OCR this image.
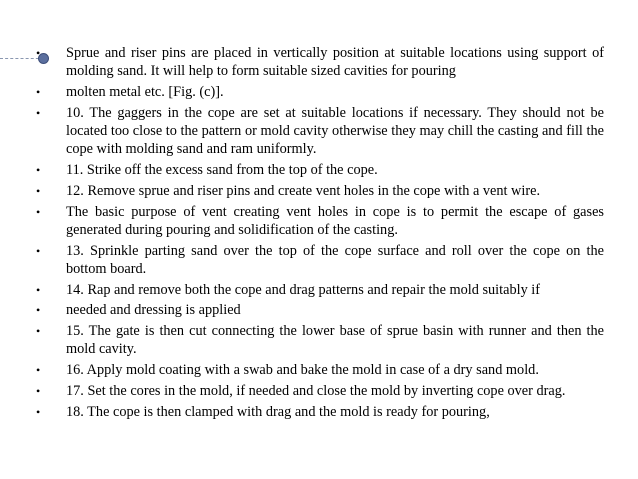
•	Sprue and riser pins are placed in vertically position at suitable locations using support of molding sand. It will help to form suitable sized cavities for pouring
•	molten metal etc. [Fig. (c)].
•	10. The gaggers in the cope are set at suitable locations if necessary. They should not be located too close to the pattern or mold cavity otherwise they may chill the casting and fill the cope with molding sand and ram uniformly.
•	11. Strike off the excess sand from the top of the cope.
•	12. Remove sprue and riser pins and create vent holes in the cope with a vent wire.
•	The basic purpose of vent creating vent holes in cope is to permit the escape of gases generated during pouring and solidification of the casting.
•	13. Sprinkle parting sand over the top of the cope surface and roll over the cope on the bottom board.
•	14. Rap and remove both the cope and drag patterns and repair the mold suitably if
•	needed and dressing is applied
•	15. The gate is then cut connecting the lower base of sprue basin with runner and then the mold cavity.
•	16. Apply mold coating with a swab and bake the mold in case of a dry sand mold.
•	17. Set the cores in the mold, if needed and close the mold by inverting cope over drag.
•	18. The cope is then clamped with drag and the mold is ready for pouring,
